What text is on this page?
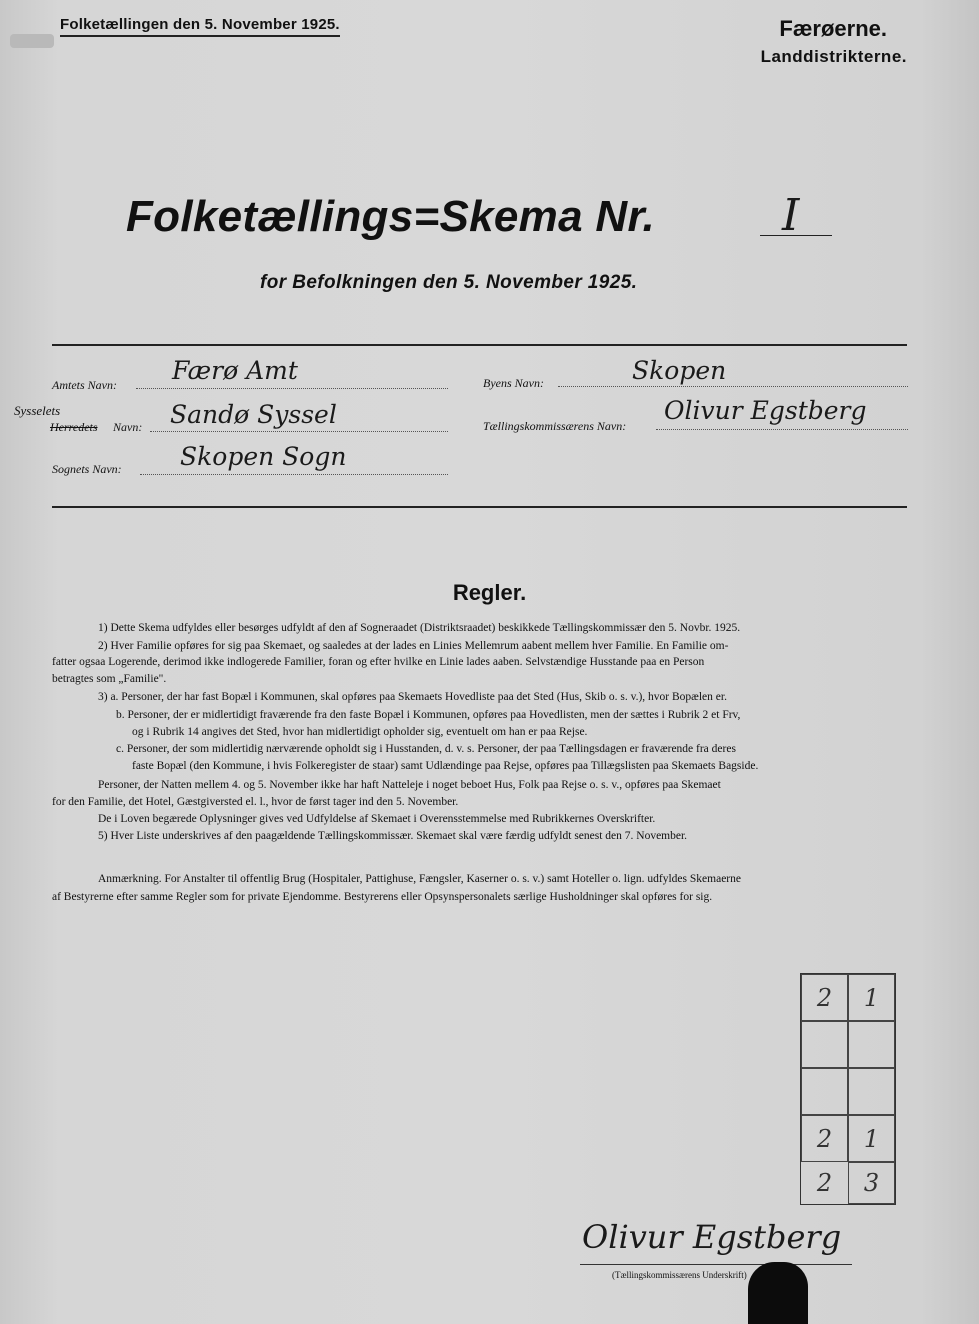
Folketællingen den 5. November 1925.	Færøerne.
Landdistrikterne.
Folketællings=Skema Nr.	I
for Befolkningen den 5. November 1925.
Amtets Navn: Færø Amt
Sysselets
Herredets Navn: Sandø Syssel
Sognets Navn: Skopen Sogn
Byens Navn:	Skopen
Tællingskommissærens Navn:
Olivur Egstberg
Regler.
1) Dette Skema udfyldes eller besørges udfyldt af den af Sogneraadet (Distriktsraadet) beskikkede Tællingskommissær den 5. Novbr. 1925.
2) Hver Familie opføres for sig paa Skemaet, og saaledes at der lades en Linies Mellemrum aabent mellem hver Familie. En Familie om-
fatter ogsaa Logerende, derimod ikke indlogerede Familier, foran og efter hvilke en Linie lades aaben. Selvstændige Husstande paa en Person
betragtes som „Familie".
3) a. Personer, der har fast Bopæl i Kommunen, skal opføres paa Skemaets Hovedliste paa det Sted (Hus, Skib o. s. v.), hvor Bopælen er.
b. Personer, der er midlertidigt fraværende fra den faste Bopæl i Kommunen, opføres paa Hovedlisten, men der sættes i Rubrik 2 et Frv,
og i Rubrik 14 angives det Sted, hvor han midlertidigt opholder sig, eventuelt om han er paa Rejse.
c. Personer, der som midlertidig nærværende opholdt sig i Husstanden, d. v. s. Personer, der paa Tællingsdagen er fraværende fra deres
faste Bopæl (den Kommune, i hvis Folkeregister de staar) samt Udlændinge paa Rejse, opføres paa Tillægslisten paa Skemaets Bagside.
Personer, der Natten mellem 4. og 5. November ikke har haft Natteleje i noget beboet Hus, Folk paa Rejse o. s. v., opføres paa Skemaet
for den Familie, det Hotel, Gæstgiversted el. l., hvor de først tager ind den 5. November.
De i Loven begærede Oplysninger gives ved Udfyldelse af Skemaet i Overensstemmelse med Rubrikkernes Overskrifter.
5) Hver Liste underskrives af den paagældende Tællingskommissær. Skemaet skal være færdig udfyldt senest den 7. November.
Anmærkning. For Anstalter til offentlig Brug (Hospitaler, Pattighuse, Fængsler, Kaserner o. s. v.) samt Hoteller o. lign. udfyldes Skemaerne
af Bestyrerne efter samme Regler som for private Ejendomme. Bestyrerens eller Opsynspersonalets særlige Husholdninger skal opføres for sig.
2	1
2	1
2	3
Olivur Egstberg
(Tællingskommissærens Underskrift)
